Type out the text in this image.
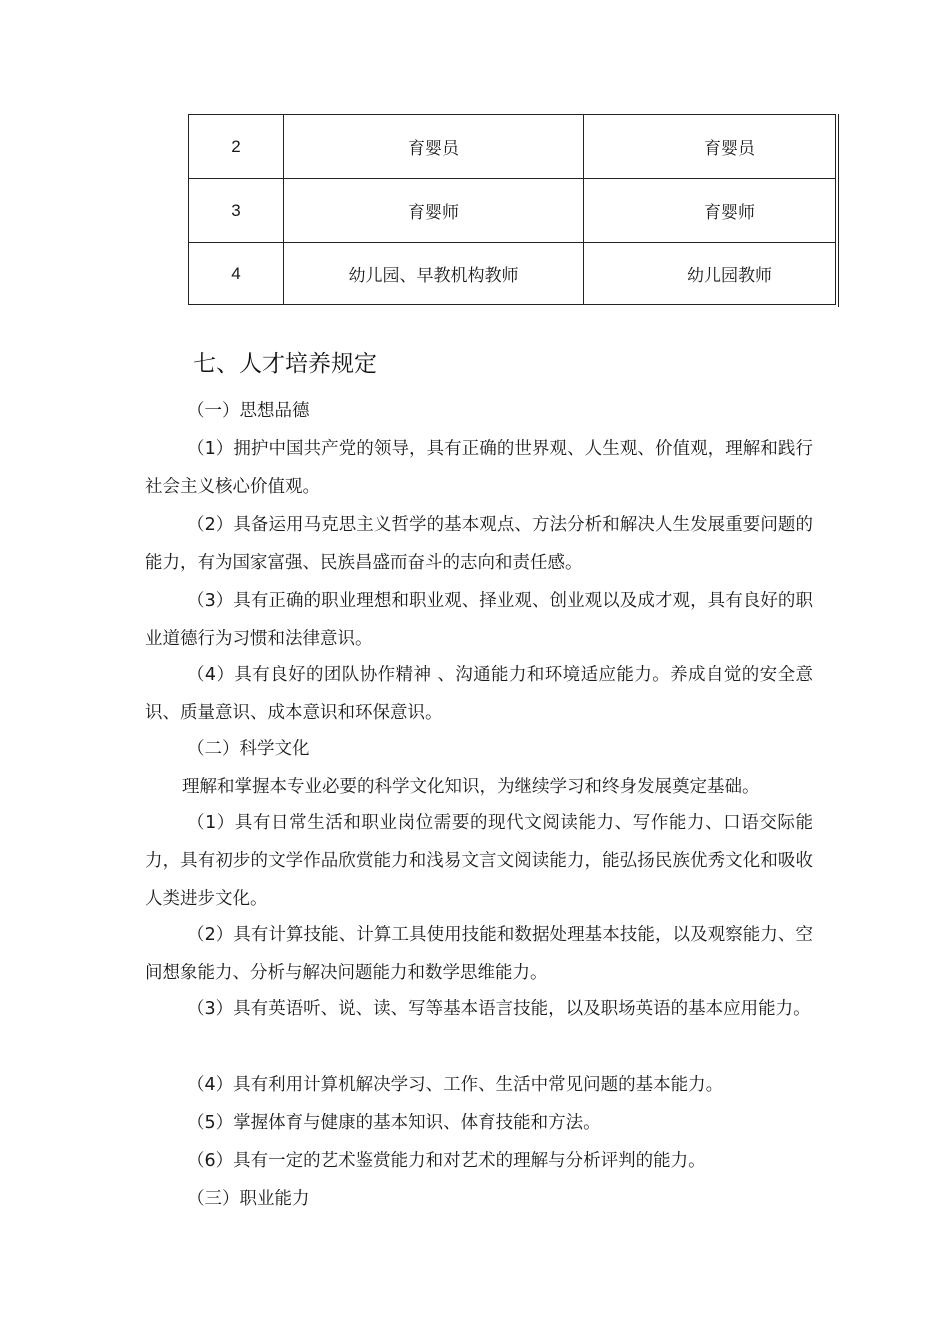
2	育婴员	育婴员
3	育婴师	育婴师
4	幼儿园、早教机构教师	幼儿园教师
七、人才培养规定

（一）思想品德

（1）拥护中国共产党的领导，具有正确的世界观、人生观、价值观，理解和践行社会主义核心价值观。

（2）具备运用马克思主义哲学的基本观点、方法分析和解决人生发展重要问题的能力，有为国家富强、民族昌盛而奋斗的志向和责任感。

（3）具有正确的职业理想和职业观、择业观、创业观以及成才观，具有良好的职业道德行为习惯和法律意识。

（4）具有良好的团队协作精神 、沟通能力和环境适应能力。养成自觉的安全意识、质量意识、成本意识和环保意识。

（二）科学文化

理解和掌握本专业必要的科学文化知识，为继续学习和终身发展奠定基础。

（1）具有日常生活和职业岗位需要的现代文阅读能力、写作能力、口语交际能力，具有初步的文学作品欣赏能力和浅易文言文阅读能力，能弘扬民族优秀文化和吸收人类进步文化。

（2）具有计算技能、计算工具使用技能和数据处理基本技能，以及观察能力、空间想象能力、分析与解决问题能力和数学思维能力。

（3）具有英语听、说、读、写等基本语言技能，以及职场英语的基本应用能力。

（4）具有利用计算机解决学习、工作、生活中常见问题的基本能力。

（5）掌握体育与健康的基本知识、体育技能和方法。

（6）具有一定的艺术鉴赏能力和对艺术的理解与分析评判的能力。

（三）职业能力
